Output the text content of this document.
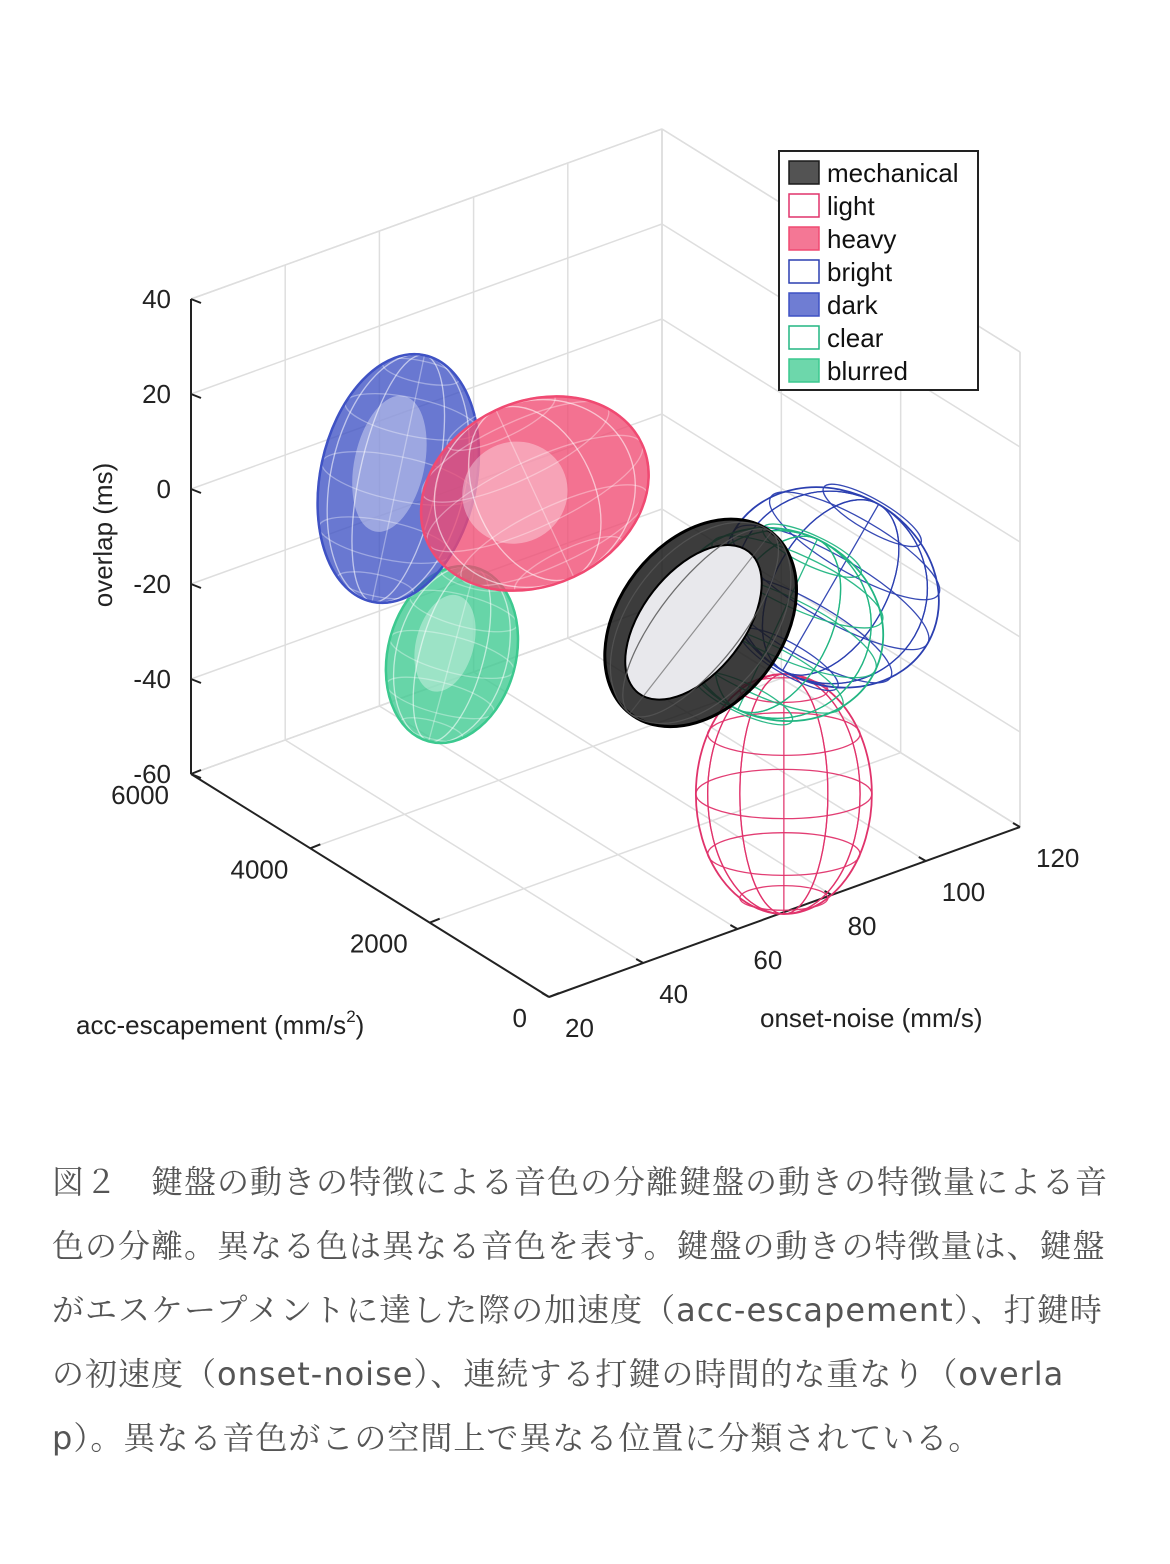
0
2000
4000
6000
20
40
60
80
100
120
-60
-40
-20
0
20
40
overlap (ms)
onset-noise (mm/s)
acc-escapement $(mm/s^2)$
mechanical
light
heavy
bright
dark
clear
blurred
図２　鍵盤の動きの特徴による音色の分離鍵盤の動きの特徴量による音色の分離。異なる色は異なる音色を表す。鍵盤の動きの特徴量は、鍵盤がエスケープメントに達した際の加速度（acc-escapement）、打鍵時の初速度（onset-noise）、連続する打鍵の時間的な重なり（overlap）。異なる音色がこの空間上で異なる位置に分類されている。
